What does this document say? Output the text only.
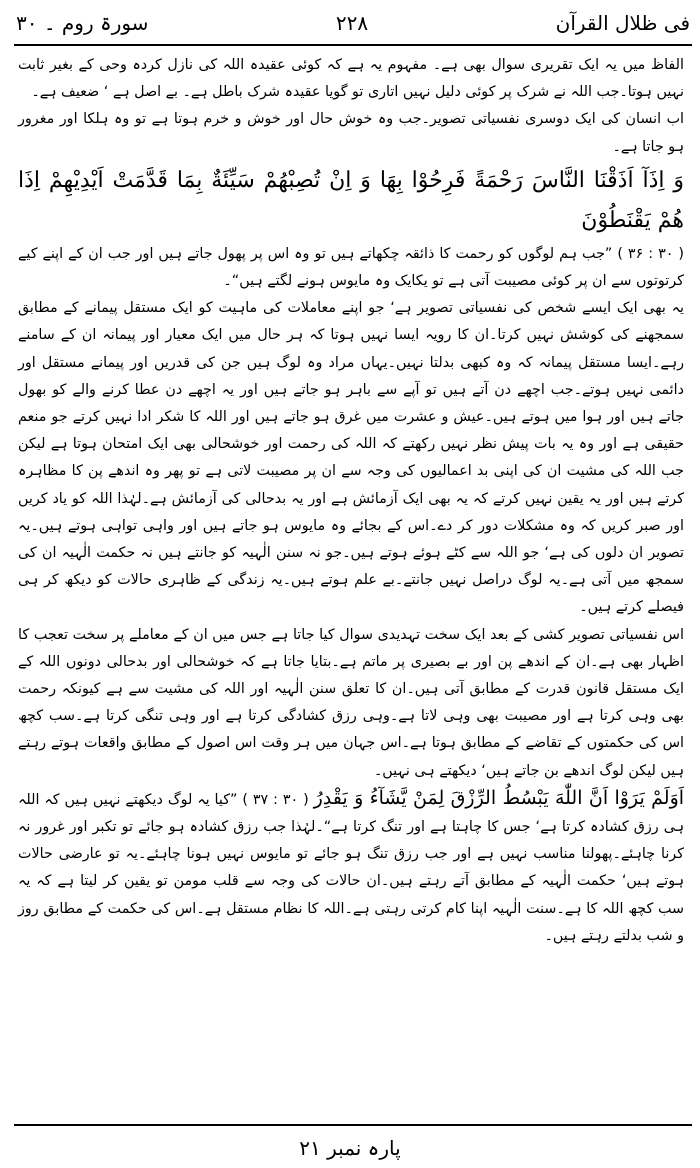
فی ظلال القرآن
۲۲۸
سورۃ روم ۔ ۳۰

الفاظ میں یہ ایک تقریری سوال بھی ہے۔ مفہوم یہ ہے کہ کوئی عقیدہ اللہ کی نازل کردہ وحی کے بغیر ثابت نہیں ہوتا۔جب اللہ نے شرک پر کوئی دلیل نہیں اتاری تو گویا عقیدہ شرک باطل ہے۔ بے اصل ہے ‘ ضعیف ہے۔

اب انسان کی ایک دوسری نفسیاتی تصویر۔جب وہ خوش حال اور خوش و خرم ہوتا ہے تو وہ ہلکا اور مغرور ہو جاتا ہے۔

وَ اِذَآ اَذَقْنَا النَّاسَ رَحْمَةً فَرِحُوْا بِهَا وَ اِنْ تُصِبْهُمْ سَيِّئَةٌ بِمَا قَدَّمَتْ اَيْدِيْهِمْ اِذَا هُمْ يَقْنَطُوْنَ

( ۳۰ : ۳۶ ) ”جب ہم لوگوں کو رحمت کا ذائقہ چکھاتے ہیں تو وہ اس پر پھول جاتے ہیں اور جب ان کے اپنے کیے کرتوتوں سے ان پر کوئی مصیبت آتی ہے تو یکایک وہ مایوس ہونے لگتے ہیں“۔

یہ بھی ایک ایسے شخص کی نفسیاتی تصویر ہے‘ جو اپنے معاملات کی ماہیت کو ایک مستقل پیمانے کے مطابق سمجھنے کی کوشش نہیں کرتا۔ان کا رویہ ایسا نہیں ہوتا کہ ہر حال میں ایک معیار اور پیمانہ ان کے سامنے رہے۔ایسا مستقل پیمانہ کہ وہ کبھی بدلتا نہیں۔یہاں مراد وہ لوگ ہیں جن کی قدریں اور پیمانے مستقل اور دائمی نہیں ہوتے۔جب اچھے دن آتے ہیں تو آپے سے باہر ہو جاتے ہیں اور یہ اچھے دن عطا کرنے والے کو بھول جاتے ہیں اور ہوا میں ہوتے ہیں۔عیش و عشرت میں غرق ہو جاتے ہیں اور اللہ کا شکر ادا نہیں کرتے جو منعم حقیقی ہے اور وہ یہ بات پیش نظر نہیں رکھتے کہ اللہ کی رحمت اور خوشحالی بھی ایک امتحان ہوتا ہے لیکن جب اللہ کی مشیت ان کی اپنی بد اعمالیوں کی وجہ سے ان پر مصیبت لاتی ہے تو پھر وہ اندھے پن کا مظاہرہ کرتے ہیں اور یہ یقین نہیں کرتے کہ یہ بھی ایک آزمائش ہے اور یہ بدحالی کی آزمائش ہے۔لہٰذا اللہ کو یاد کریں اور صبر کریں کہ وہ مشکلات دور کر دے۔اس کے بجائے وہ مایوس ہو جاتے ہیں اور واہی تواہی ہوتے ہیں۔یہ تصویر ان دلوں کی ہے‘ جو اللہ سے کٹے ہوئے ہوتے ہیں۔جو نہ سنن الٰہیہ کو جانتے ہیں نہ حکمت الٰہیہ ان کی سمجھ میں آتی ہے۔یہ لوگ دراصل نہیں جانتے۔بے علم ہوتے ہیں۔یہ زندگی کے ظاہری حالات کو دیکھ کر ہی فیصلے کرتے ہیں۔

اس نفسیاتی تصویر کشی کے بعد ایک سخت تہدیدی سوال کیا جاتا ہے جس میں ان کے معاملے پر سخت تعجب کا اظہار بھی ہے۔ان کے اندھے پن اور بے بصیری پر ماتم ہے۔بتایا جاتا ہے کہ خوشحالی اور بدحالی دونوں اللہ کے ایک مستقل قانون قدرت کے مطابق آتی ہیں۔ان کا تعلق سنن الٰہیہ اور اللہ کی مشیت سے ہے کیونکہ رحمت بھی وہی کرتا ہے اور مصیبت بھی وہی لاتا ہے۔وہی رزق کشادگی کرتا ہے اور وہی تنگی کرتا ہے۔سب کچھ اس کی حکمتوں کے تقاضے کے مطابق ہوتا ہے۔اس جہان میں ہر وقت اس اصول کے مطابق واقعات ہوتے رہتے ہیں لیکن لوگ اندھے بن جاتے ہیں‘ دیکھتے ہی نہیں۔

اَوَلَمْ يَرَوْا اَنَّ اللّٰهَ يَبْسُطُ الرِّزْقَ لِمَنْ يَّشَآءُ وَ يَقْدِرُ ( ۳۰ : ۳۷ ) ”کیا یہ لوگ دیکھتے نہیں ہیں کہ اللہ ہی رزق کشادہ کرتا ہے‘ جس کا چاہتا ہے اور تنگ کرتا ہے“۔لہٰذا جب رزق کشادہ ہو جائے تو تکبر اور غرور نہ کرنا چاہئے۔پھولنا مناسب نہیں ہے اور جب رزق تنگ ہو جائے تو مایوس نہیں ہونا چاہئے۔یہ تو عارضی حالات ہوتے ہیں‘ حکمت الٰہیہ کے مطابق آتے رہتے ہیں۔ان حالات کی وجہ سے قلب مومن تو یقین کر لیتا ہے کہ یہ سب کچھ اللہ کا ہے۔سنت الٰہیہ اپنا کام کرتی رہتی ہے۔اللہ کا نظام مستقل ہے۔اس کی حکمت کے مطابق روز و شب بدلتے رہتے ہیں۔

پارہ نمبر ۲۱
